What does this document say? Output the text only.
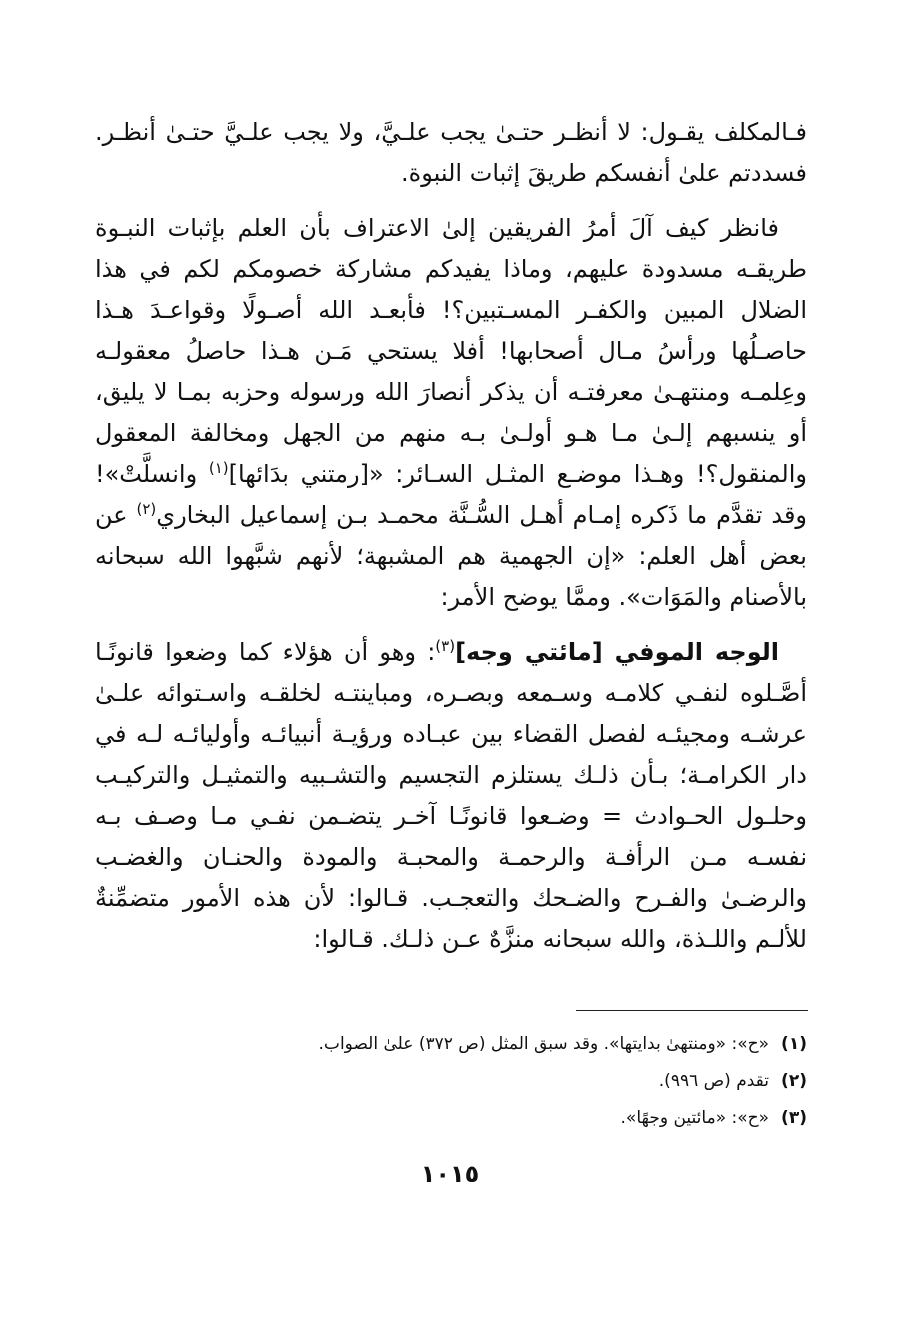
فـالمكلف يقـول: لا أنظـر حتـىٰ يجب علـيَّ، ولا يجب علـيَّ حتـىٰ أنظـر. فسددتم علىٰ أنفسكم طريقَ إثبات النبوة.

فانظر كيف آلَ أمرُ الفريقين إلىٰ الاعتراف بأن العلم بإثبات النبـوة طريقـه مسدودة عليهم، وماذا يفيدكم مشاركة خصومكم لكم في هذا الضلال المبين والكفـر المسـتبين؟! فأبعـد الله أصـولًا وقواعـدَ هـذا حاصـلُها ورأسُ مـال أصحابها! أفلا يستحي مَـن هـذا حاصلُ معقولـه وعِلمـه ومنتهـىٰ معرفتـه أن يذكر أنصارَ الله ورسوله وحزبه بمـا لا يليق، أو ينسبهم إلـىٰ مـا هـو أولـىٰ بـه منهم من الجهل ومخالفة المعقول والمنقول؟! وهـذا موضـع المثـل السـائر: «[رمتني بدَائها]$^{(١)}$ وانسلَّتْ»! وقد تقدَّم ما ذَكره إمـام أهـل السُّـنَّة محمـد بـن إسماعيل البخاري$^{(٢)}$ عن بعض أهل العلم: «إن الجهمية هم المشبهة؛ لأنهم شبَّهوا الله سبحانه بالأصنام والمَوَات». وممَّا يوضح الأمر:

الوجه الموفي [مائتي وجه]$^{(٣)}$: وهو أن هؤلاء كما وضعوا قانونًـا أصَّـلوه لنفـي كلامـه وسـمعه وبصـره، ومباينتـه لخلقـه واسـتوائه علـىٰ عرشـه ومجيئـه لفصل القضاء بين عبـاده ورؤيـة أنبيائـه وأوليائـه لـه في دار الكرامـة؛ بـأن ذلـك يستلزم التجسيم والتشـبيه والتمثيـل والتركيـب وحلـول الحـوادث = وضـعوا قانونًـا آخـر يتضـمن نفـي مـا وصـف بـه نفسـه مـن الرأفـة والرحمـة والمحبـة والمودة والحنـان والغضـب والرضـىٰ والفـرح والضـحك والتعجـب. قـالوا: لأن هذه الأمور متضمِّنةٌ للألـم واللـذة، والله سبحانه منزَّهٌ عـن ذلـك. قـالوا:

(١)
«ح»: «ومنتهىٰ بدايتها». وقد سبق المثل (ص ٣٧٢) علىٰ الصواب.
(٢)
تقدم (ص ٩٩٦).
(٣)
«ح»: «مائتين وجهًا».
١٠١٥
